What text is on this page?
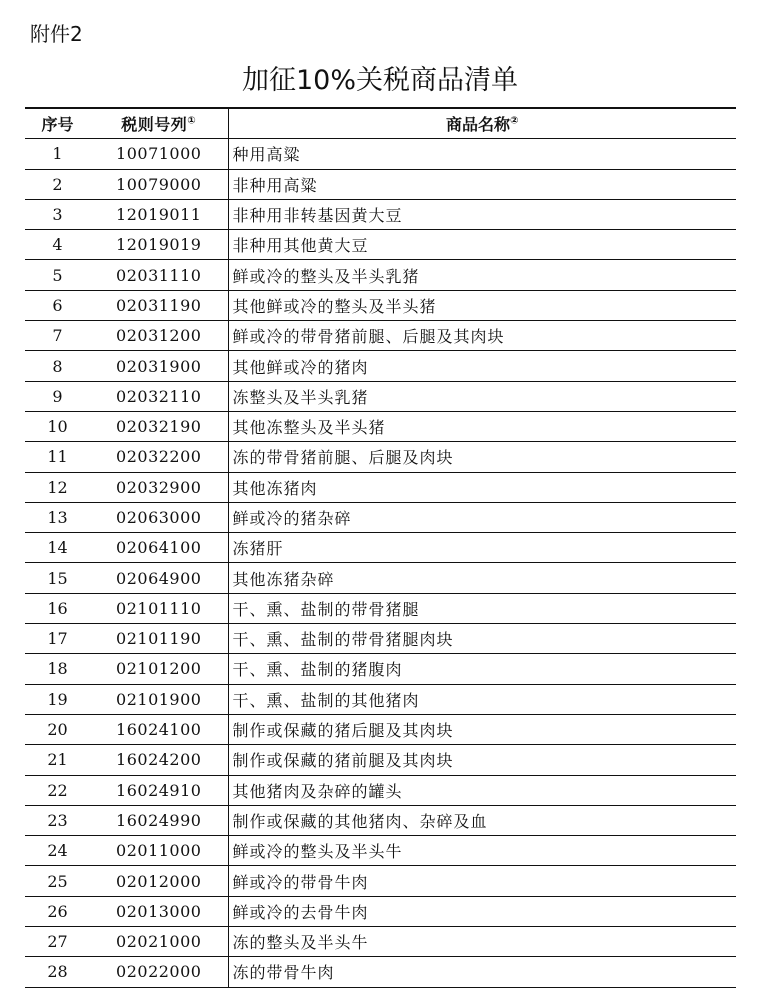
附件2
加征10%关税商品清单
序号	税则号列①	商品名称②
1	10071000	种用高粱
2	10079000	非种用高粱
3	12019011	非种用非转基因黄大豆
4	12019019	非种用其他黄大豆
5	02031110	鲜或冷的整头及半头乳猪
6	02031190	其他鲜或冷的整头及半头猪
7	02031200	鲜或冷的带骨猪前腿、后腿及其肉块
8	02031900	其他鲜或冷的猪肉
9	02032110	冻整头及半头乳猪
10	02032190	其他冻整头及半头猪
11	02032200	冻的带骨猪前腿、后腿及肉块
12	02032900	其他冻猪肉
13	02063000	鲜或冷的猪杂碎
14	02064100	冻猪肝
15	02064900	其他冻猪杂碎
16	02101110	干、熏、盐制的带骨猪腿
17	02101190	干、熏、盐制的带骨猪腿肉块
18	02101200	干、熏、盐制的猪腹肉
19	02101900	干、熏、盐制的其他猪肉
20	16024100	制作或保藏的猪后腿及其肉块
21	16024200	制作或保藏的猪前腿及其肉块
22	16024910	其他猪肉及杂碎的罐头
23	16024990	制作或保藏的其他猪肉、杂碎及血
24	02011000	鲜或冷的整头及半头牛
25	02012000	鲜或冷的带骨牛肉
26	02013000	鲜或冷的去骨牛肉
27	02021000	冻的整头及半头牛
28	02022000	冻的带骨牛肉
